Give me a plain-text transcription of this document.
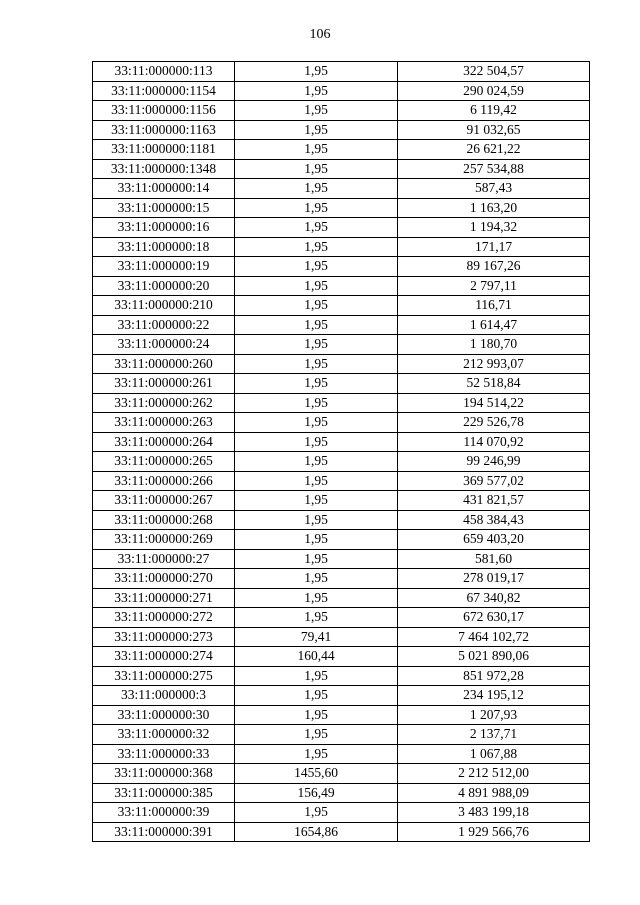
106
33:11:000000:113	1,95	322 504,57
33:11:000000:1154	1,95	290 024,59
33:11:000000:1156	1,95	6 119,42
33:11:000000:1163	1,95	91 032,65
33:11:000000:1181	1,95	26 621,22
33:11:000000:1348	1,95	257 534,88
33:11:000000:14	1,95	587,43
33:11:000000:15	1,95	1 163,20
33:11:000000:16	1,95	1 194,32
33:11:000000:18	1,95	171,17
33:11:000000:19	1,95	89 167,26
33:11:000000:20	1,95	2 797,11
33:11:000000:210	1,95	116,71
33:11:000000:22	1,95	1 614,47
33:11:000000:24	1,95	1 180,70
33:11:000000:260	1,95	212 993,07
33:11:000000:261	1,95	52 518,84
33:11:000000:262	1,95	194 514,22
33:11:000000:263	1,95	229 526,78
33:11:000000:264	1,95	114 070,92
33:11:000000:265	1,95	99 246,99
33:11:000000:266	1,95	369 577,02
33:11:000000:267	1,95	431 821,57
33:11:000000:268	1,95	458 384,43
33:11:000000:269	1,95	659 403,20
33:11:000000:27	1,95	581,60
33:11:000000:270	1,95	278 019,17
33:11:000000:271	1,95	67 340,82
33:11:000000:272	1,95	672 630,17
33:11:000000:273	79,41	7 464 102,72
33:11:000000:274	160,44	5 021 890,06
33:11:000000:275	1,95	851 972,28
33:11:000000:3	1,95	234 195,12
33:11:000000:30	1,95	1 207,93
33:11:000000:32	1,95	2 137,71
33:11:000000:33	1,95	1 067,88
33:11:000000:368	1455,60	2 212 512,00
33:11:000000:385	156,49	4 891 988,09
33:11:000000:39	1,95	3 483 199,18
33:11:000000:391	1654,86	1 929 566,76
